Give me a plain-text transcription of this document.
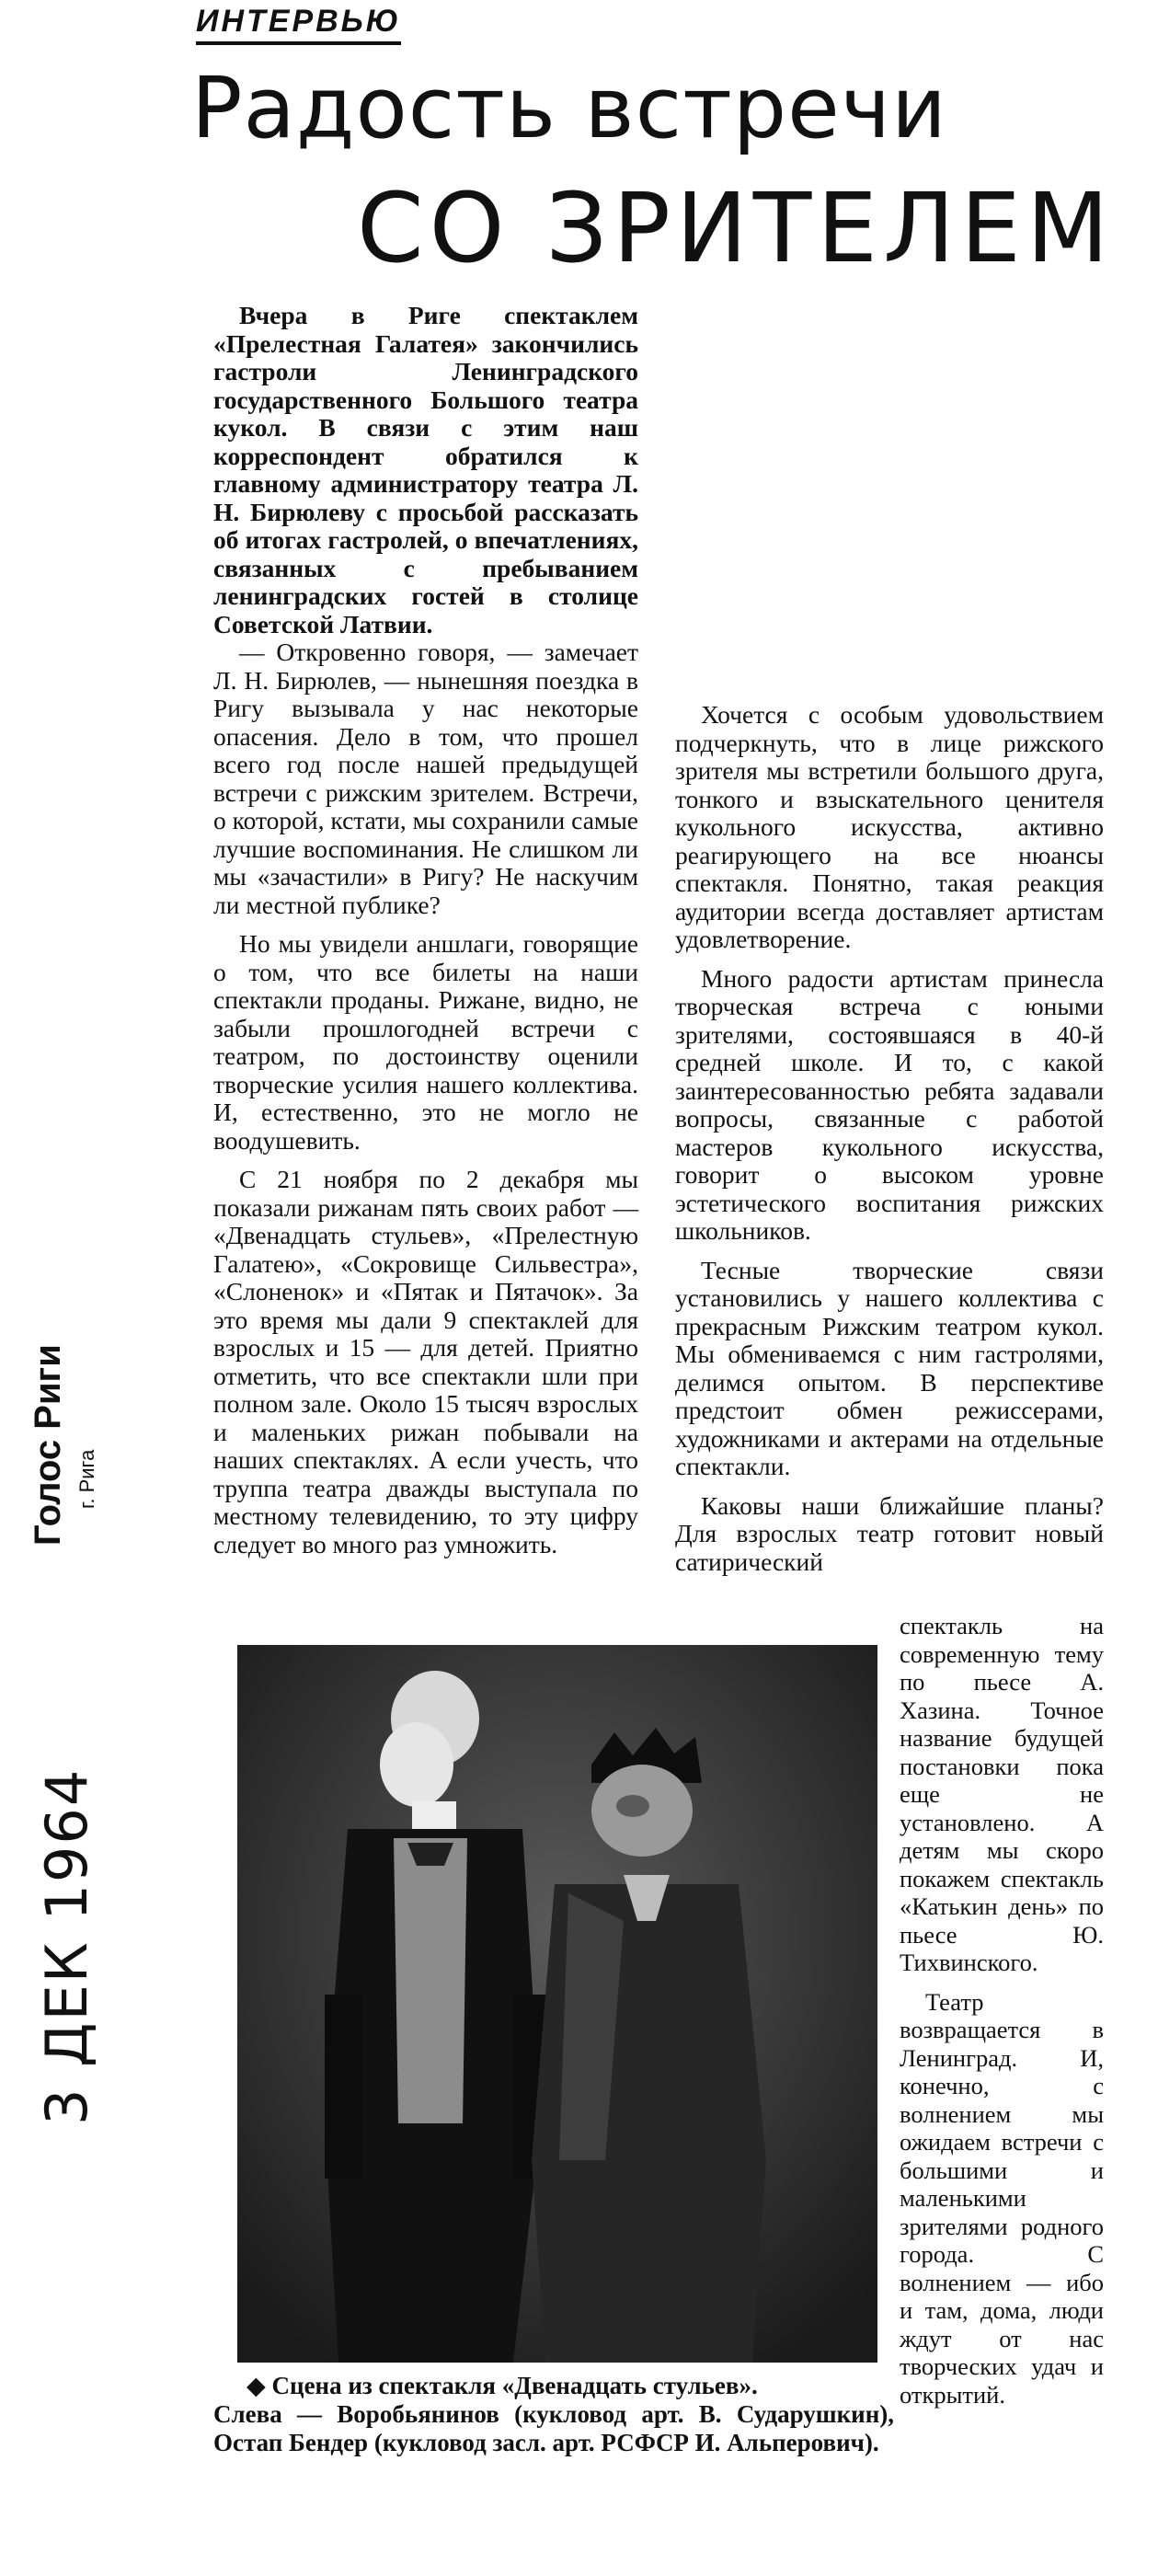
ИНТЕРВЬЮ
Радость встречи
СО ЗРИТЕЛЕМ
Голос Риги г. Рига
3 ДЕК 1964

Вчера в Риге спектаклем «Прелестная Галатея» закончились гастроли Ленинградского государственного Большого театра кукол. В связи с этим наш корреспондент обратился к главному администратору театра Л. Н. Бирюлеву с просьбой рассказать об итогах гастролей, о впечатлениях, связанных с пребыванием ленинградских гостей в столице Советской Латвии.

— Откровенно говоря, — замечает Л. Н. Бирюлев, — нынешняя поездка в Ригу вызывала у нас некоторые опасения. Дело в том, что прошел всего год после нашей предыдущей встречи с рижским зрителем. Встречи, о которой, кстати, мы сохранили самые лучшие воспоминания. Не слишком ли мы «зачастили» в Ригу? Не наскучим ли местной публике?

Но мы увидели аншлаги, говорящие о том, что все билеты на наши спектакли проданы. Рижане, видно, не забыли прошлогодней встречи с театром, по достоинству оценили творческие усилия нашего коллектива. И, естественно, это не могло не воодушевить.

С 21 ноября по 2 декабря мы показали рижанам пять своих работ — «Двенадцать стульев», «Прелестную Галатею», «Сокровище Сильвестра», «Слоненок» и «Пятак и Пятачок». За это время мы дали 9 спектаклей для взрослых и 15 — для детей. Приятно отметить, что все спектакли шли при полном зале. Около 15 тысяч взрослых и маленьких рижан побывали на наших спектаклях. А если учесть, что труппа театра дважды выступала по местному телевидению, то эту цифру следует во много раз умножить.

Хочется с особым удовольствием подчеркнуть, что в лице рижского зрителя мы встретили большого друга, тонкого и взыскательного ценителя кукольного искусства, активно реагирующего на все нюансы спектакля. Понятно, такая реакция аудитории всегда доставляет артистам удовлетворение.

Много радости артистам принесла творческая встреча с юными зрителями, состоявшаяся в 40-й средней школе. И то, с какой заинтересованностью ребята задавали вопросы, связанные с работой мастеров кукольного искусства, говорит о высоком уровне эстетического воспитания рижских школьников.

Тесные творческие связи установились у нашего коллектива с прекрасным Рижским театром кукол. Мы обмениваемся с ним гастролями, делимся опытом. В перспективе предстоит обмен режиссерами, художниками и актерами на отдельные спектакли.

Каковы наши ближайшие планы? Для взрослых театр готовит новый сатирический

спектакль на современную тему по пьесе А. Хазина. Точное название будущей постановки пока еще не установлено. А детям мы скоро покажем спектакль «Катькин день» по пьесе Ю. Тихвинского.

Театр возвращается в Ленинград. И, конечно, с волнением мы ожидаем встречи с большими и маленькими зрителями родного города. С волнением — ибо и там, дома, люди ждут от нас творческих удач и открытий.

◆ Сцена из спектакля «Двенадцать стульев».
Слева — Воробьянинов (кукловод арт. В. Сударушкин), Остап Бендер (кукловод засл. арт. РСФСР И. Альперович).
